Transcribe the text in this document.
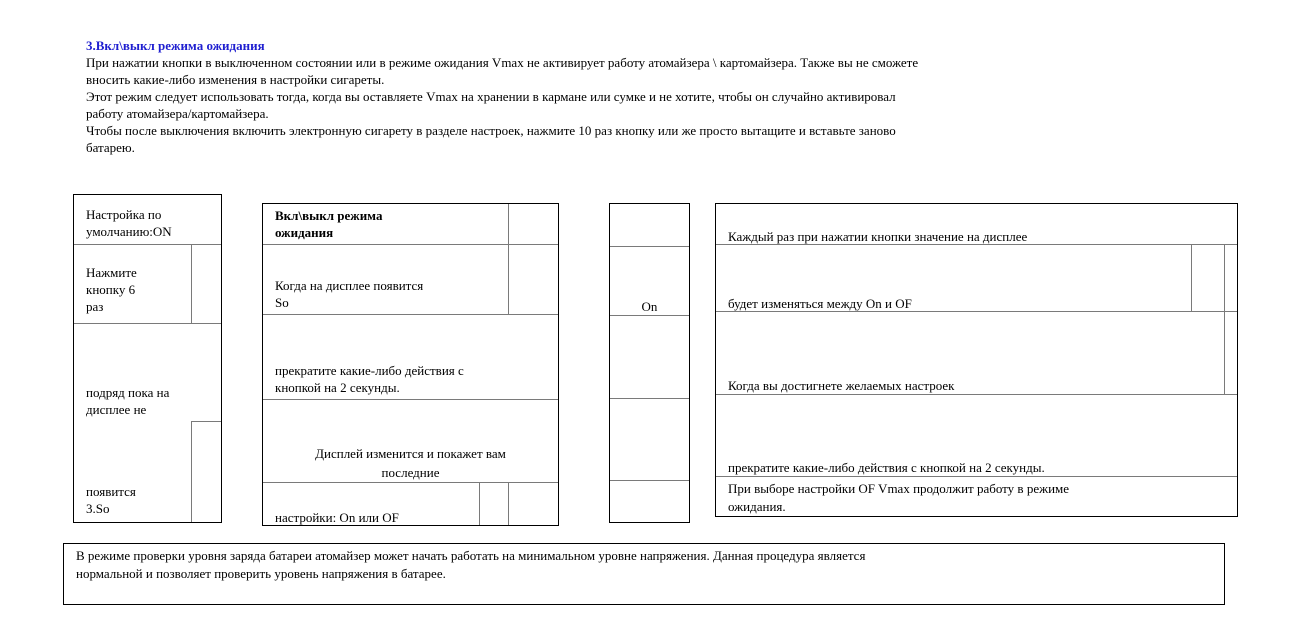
3.Вкл\выкл режима ожидания

При нажатии кнопки в выключенном состоянии или в режиме ожидания Vmax не активирует работу атомайзера \ картомайзера. Также вы не сможете

вносить какие-либо изменения в настройки сигареты.

Этот режим следует использовать тогда, когда вы оставляете Vmax на хранении в кармане или сумке и не хотите, чтобы он случайно активировал

работу атомайзера/картомайзера.

Чтобы после выключения включить электронную сигарету в разделе настроек, нажмите 10 раз кнопку или же просто вытащите и вставьте заново

батарею.

Настройка по
умолчанию:ON
Нажмите
кнопку 6
раз
подряд пока на
дисплее не
появится
3.So
Вкл\выкл режима
ожидания
Когда на дисплее появится
So
прекратите какие-либо действия с
кнопкой на 2 секунды.
Дисплей изменится и покажет вам
последние
настройки: On или OF
On
Каждый раз при нажатии кнопки значение на дисплее
будет изменяться между On и OF
Когда вы достигнете желаемых настроек
прекратите какие-либо действия с кнопкой на 2 секунды.
При выборе настройки OF Vmax продолжит работу в режиме
ожидания.
В режиме проверки уровня заряда батареи атомайзер может начать работать на минимальном уровне напряжения. Данная процедура является
нормальной и позволяет проверить уровень напряжения в батарее.
